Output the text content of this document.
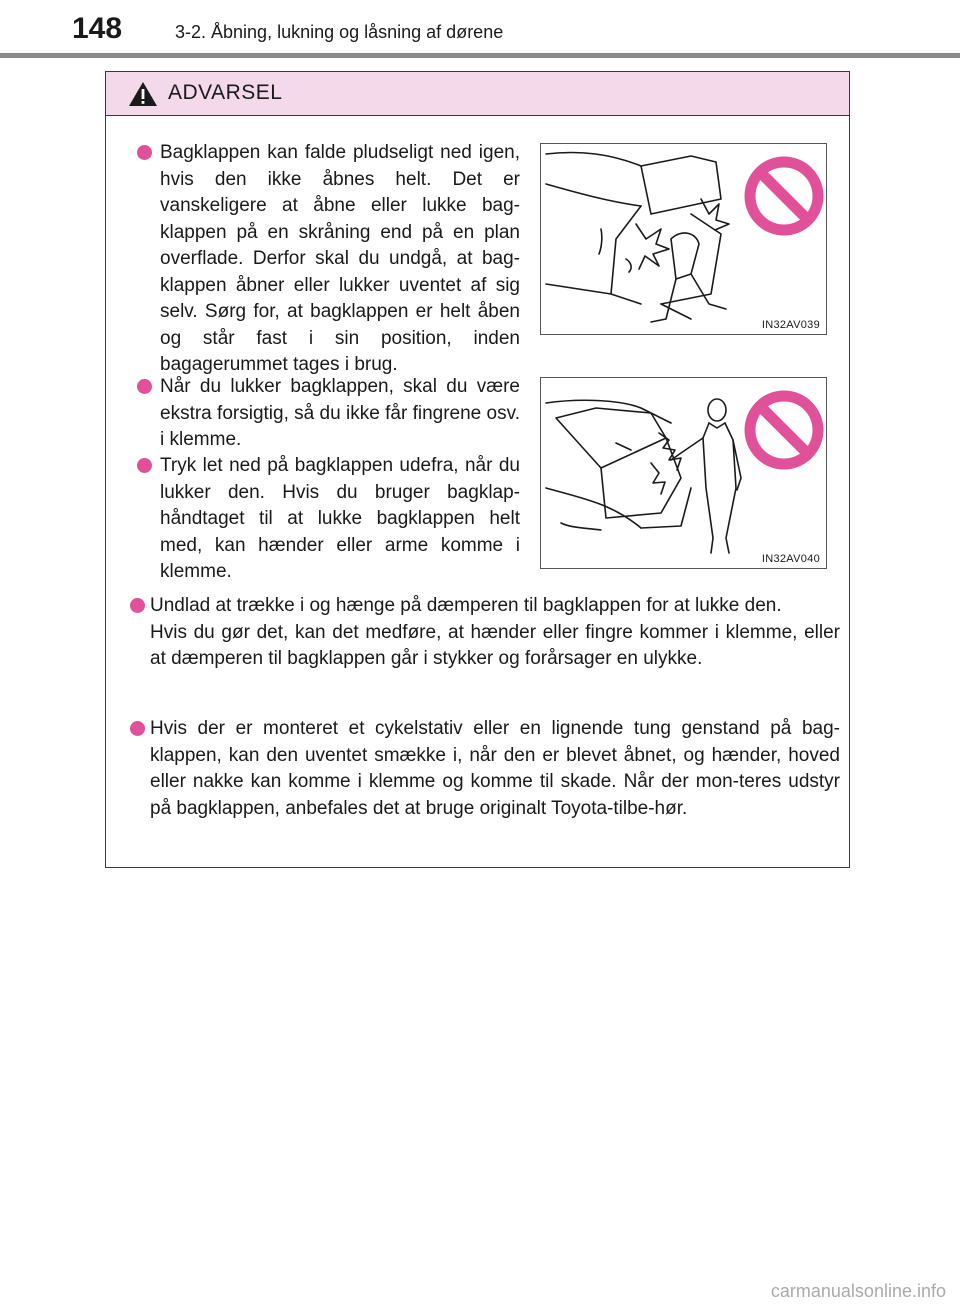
148	3-2. Åbning, lukning og låsning af dørene
ADVARSEL

Bagklappen kan falde pludseligt ned igen, hvis den ikke åbnes helt. Det er vanskeligere at åbne eller lukke bag-klappen på en skråning end på en plan overflade. Derfor skal du undgå, at bag-klappen åbner eller lukker uventet af sig selv. Sørg for, at bagklappen er helt åben og står fast i sin position, inden bagagerummet tages i brug.

IN32AV039

Når du lukker bagklappen, skal du være ekstra forsigtig, så du ikke får fingrene osv. i klemme.

Tryk let ned på bagklappen udefra, når du lukker den. Hvis du bruger bagklap-håndtaget til at lukke bagklappen helt med, kan hænder eller arme komme i klemme.

IN32AV040

Undlad at trække i og hænge på dæmperen til bagklappen for at lukke den.

Hvis du gør det, kan det medføre, at hænder eller fingre kommer i klemme, eller at dæmperen til bagklappen går i stykker og forårsager en ulykke.

Hvis der er monteret et cykelstativ eller en lignende tung genstand på bag-klappen, kan den uventet smække i, når den er blevet åbnet, og hænder, hoved eller nakke kan komme i klemme og komme til skade. Når der mon-teres udstyr på bagklappen, anbefales det at bruge originalt Toyota-tilbe-hør.

carmanualsonline.info
